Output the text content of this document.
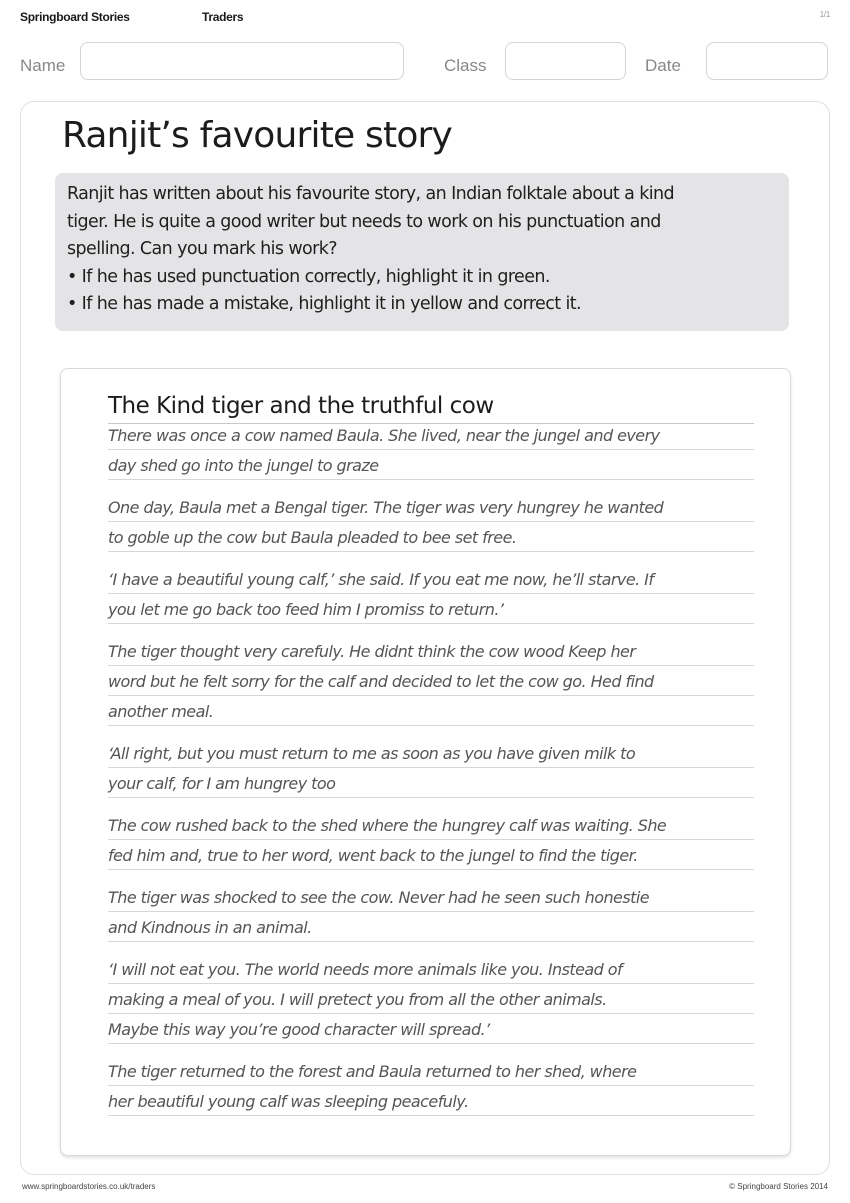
Springboard Stories	Traders	1/1
Name	Class	Date
Ranjit’s favourite story

Ranjit has written about his favourite story, an Indian folktale about a kind

tiger. He is quite a good writer but needs to work on his punctuation and

spelling. Can you mark his work?

• If he has used punctuation correctly, highlight it in green.

• If he has made a mistake, highlight it in yellow and correct it.

The Kind tiger and the truthful cow
There was once a cow named Baula. She lived, near the jungel and every
day shed go into the jungel to graze
One day, Baula met a Bengal tiger. The tiger was very hungrey he wanted
to goble up the cow but Baula pleaded to bee set free.
‘I have a beautiful young calf,’ she said. If you eat me now, he’ll starve. If
you let me go back too feed him I promiss to return.’
The tiger thought very carefuly. He didnt think the cow wood Keep her
word but he felt sorry for the calf and decided to let the cow go. Hed find
another meal.
‘All right, but you must return to me as soon as you have given milk to
your calf, for I am hungrey too
The cow rushed back to the shed where the hungrey calf was waiting. She
fed him and, true to her word, went back to the jungel to find the tiger.
The tiger was shocked to see the cow. Never had he seen such honestie
and Kindnous in an animal.
‘I will not eat you. The world needs more animals like you. Instead of
making a meal of you. I will pretect you from all the other animals.
Maybe this way you’re good character will spread.’
The tiger returned to the forest and Baula returned to her shed, where
her beautiful young calf was sleeping peacefuly.
www.springboardstories.co.uk/traders	© Springboard Stories 2014
